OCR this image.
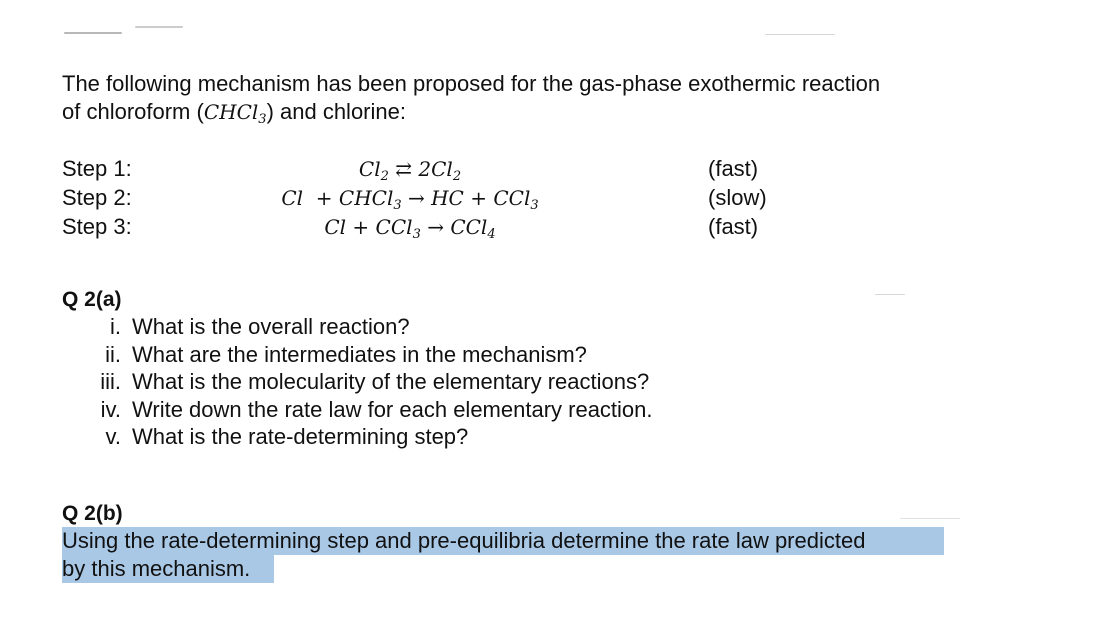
The following mechanism has been proposed for the gas-phase exothermic reaction
of chloroform (CHCl$_3$) and chlorine:
Step 1:
Step 2:
Step 3:
$Cl_2$ ⇄ $2Cl_2$
Cl + CHCl$_3$ → HC + CCl$_3$
Cl + CCl$_3$ → CCl$_4$
(fast)
(slow)
(fast)
Q 2(a)
i. What is the overall reaction?
ii. What are the intermediates in the mechanism?
iii. What is the molecularity of the elementary reactions?
iv. Write down the rate law for each elementary reaction.
v. What is the rate-determining step?
Q 2(b)
Using the rate-determining step and pre-equilibria determine the rate law predicted
by this mechanism.
